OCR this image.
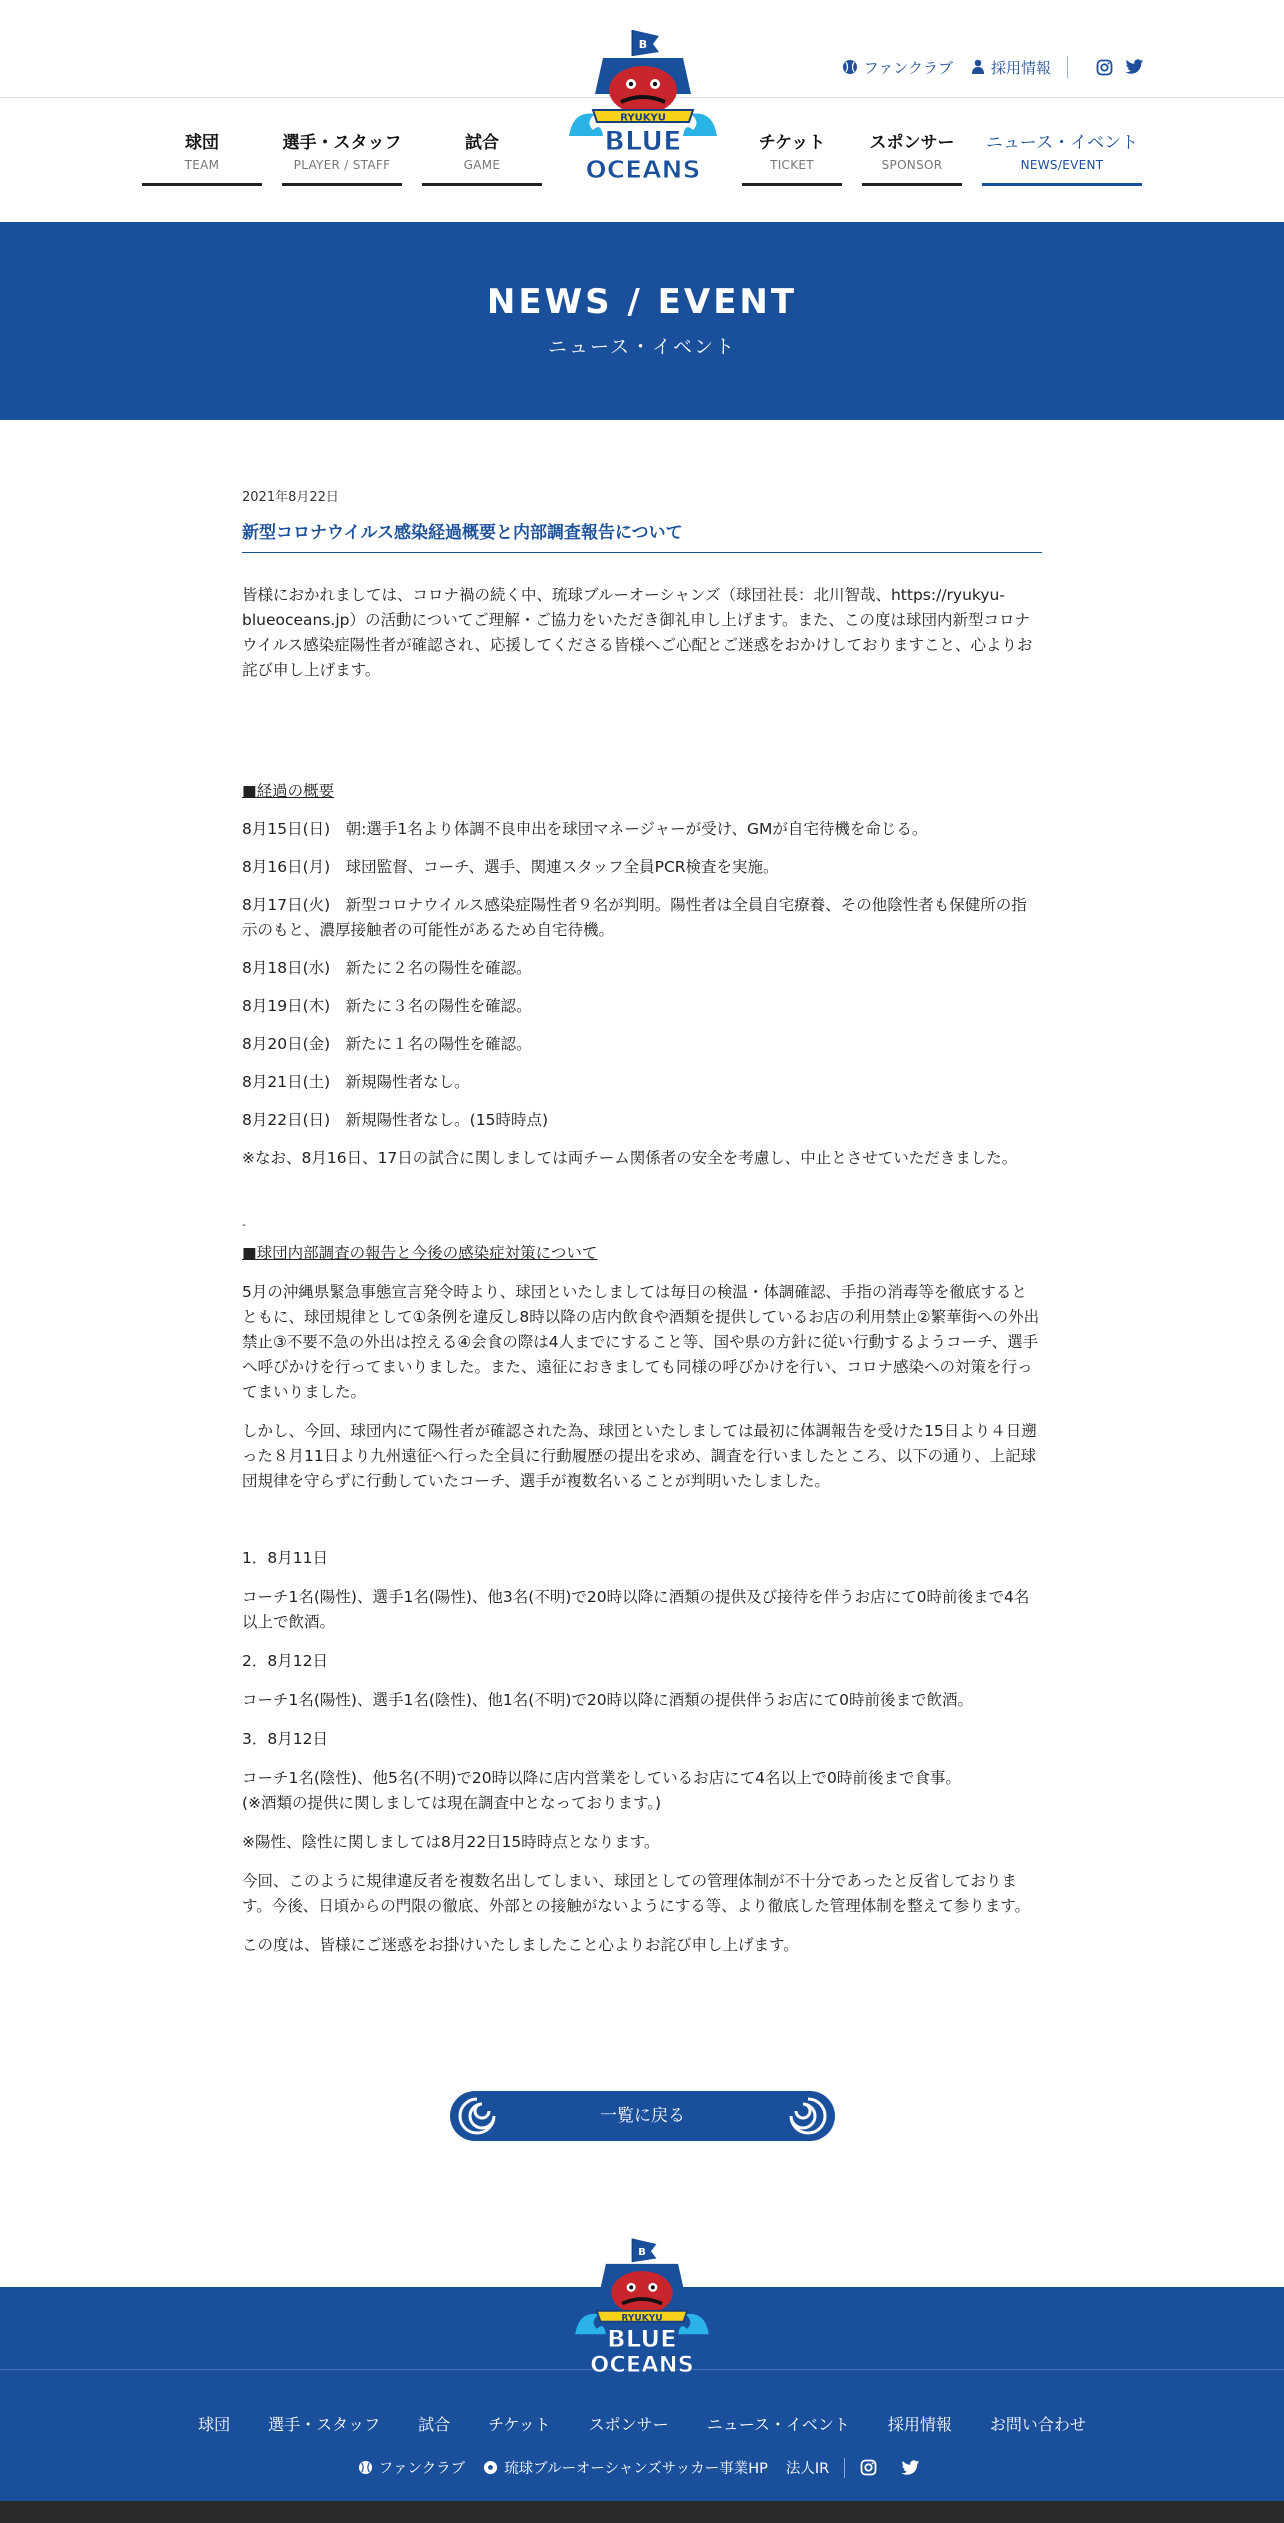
ファンクラブ	採用情報
球団
TEAM
選手・スタッフ
PLAYER / STAFF
試合
GAME
チケット
TICKET
スポンサー
SPONSOR
ニュース・イベント
NEWS/EVENT
B
RYUKYU
BLUE
OCEANS
NEWS / EVENT
ニュース・イベント
2021年8月22日
新型コロナウイルス感染経過概要と内部調査報告について

皆様におかれましては、コロナ禍の続く中、琉球ブルーオーシャンズ（球団社長：北川智哉、https://ryukyu-blueoceans.jp）の活動についてご理解・ご協力をいただき御礼申し上げます。また、この度は球団内新型コロナウイルス感染症陽性者が確認され、応援してくださる皆様へご心配とご迷惑をおかけしておりますこと、心よりお詫び申し上げます。

■経過の概要

8月15日(日)　朝:選手1名より体調不良申出を球団マネージャーが受け、GMが自宅待機を命じる。

8月16日(月)　球団監督、コーチ、選手、関連スタッフ全員PCR検査を実施。

8月17日(火)　新型コロナウイルス感染症陽性者９名が判明。陽性者は全員自宅療養、その他陰性者も保健所の指示のもと、濃厚接触者の可能性があるため自宅待機。

8月18日(水)　新たに２名の陽性を確認。

8月19日(木)　新たに３名の陽性を確認。

8月20日(金)　新たに１名の陽性を確認。

8月21日(土)　新規陽性者なし。

8月22日(日)　新規陽性者なし。(15時時点)

※なお、8月16日、17日の試合に関しましては両チーム関係者の安全を考慮し、中止とさせていただきました。

-

■球団内部調査の報告と今後の感染症対策について

5月の沖縄県緊急事態宣言発令時より、球団といたしましては毎日の検温・体調確認、手指の消毒等を徹底するとともに、球団規律として①条例を違反し8時以降の店内飲食や酒類を提供しているお店の利用禁止②繁華街への外出禁止③不要不急の外出は控える④会食の際は4人までにすること等、国や県の方針に従い行動するようコーチ、選手へ呼びかけを行ってまいりました。また、遠征におきましても同様の呼びかけを行い、コロナ感染への対策を行ってまいりました。

しかし、今回、球団内にて陽性者が確認された為、球団といたしましては最初に体調報告を受けた15日より４日遡った８月11日より九州遠征へ行った全員に行動履歴の提出を求め、調査を行いましたところ、以下の通り、上記球団規律を守らずに行動していたコーチ、選手が複数名いることが判明いたしました。

1．8月11日

コーチ1名(陽性)、選手1名(陽性)、他3名(不明)で20時以降に酒類の提供及び接待を伴うお店にて0時前後まで4名以上で飲酒。

2．8月12日

コーチ1名(陽性)、選手1名(陰性)、他1名(不明)で20時以降に酒類の提供伴うお店にて0時前後まで飲酒。

3．8月12日

コーチ1名(陰性)、他5名(不明)で20時以降に店内営業をしているお店にて4名以上で0時前後まで食事。

(※酒類の提供に関しましては現在調査中となっております。)

※陽性、陰性に関しましては8月22日15時時点となります。

今回、このように規律違反者を複数名出してしまい、球団としての管理体制が不十分であったと反省しております。今後、日頃からの門限の徹底、外部との接触がないようにする等、より徹底した管理体制を整えて参ります。

この度は、皆様にご迷惑をお掛けいたしましたこと心よりお詫び申し上げます。

一覧に戻る
球団 選手・スタッフ 試合 チケット スポンサー ニュース・イベント 採用情報 お問い合わせ
ファンクラブ	琉球ブルーオーシャンズサッカー事業HP 法人IR
B
RYUKYU
BLUE
OCEANS
